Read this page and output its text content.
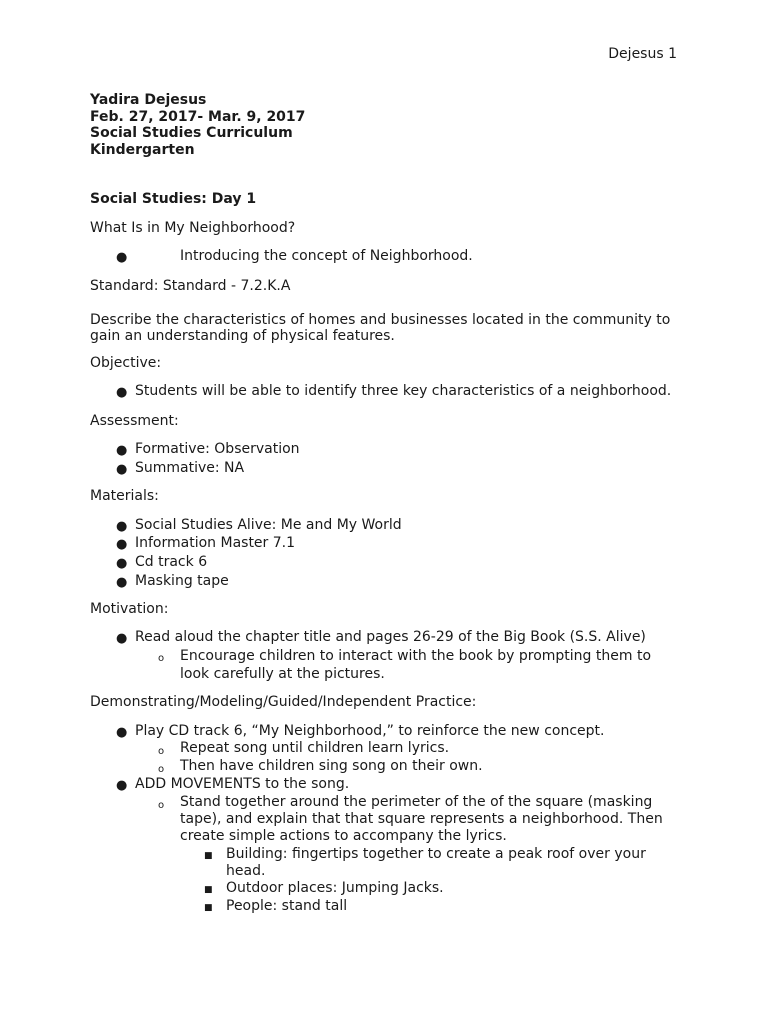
Dejesus 1
Yadira Dejesus
Feb. 27, 2017- Mar. 9, 2017
Social Studies Curriculum
Kindergarten
Social Studies: Day 1
What Is in My Neighborhood?
●	Introducing the concept of Neighborhood.
Standard: Standard - 7.2.K.A
Describe the characteristics of homes and businesses located in the community to
gain an understanding of physical features.
Objective:
● Students will be able to identify three key characteristics of a neighborhood.
Assessment:
● Formative: Observation
● Summative: NA
Materials:
● Social Studies Alive: Me and My World
● Information Master 7.1
● Cd track 6
● Masking tape
Motivation:
● Read aloud the chapter title and pages 26-29 of the Big Book (S.S. Alive)
o Encourage children to interact with the book by prompting them to
look carefully at the pictures.
Demonstrating/Modeling/Guided/Independent Practice:
● Play CD track 6, “My Neighborhood,” to reinforce the new concept.
o Repeat song until children learn lyrics.
o Then have children sing song on their own.
● ADD MOVEMENTS to the song.
o Stand together around the perimeter of the of the square (masking
tape), and explain that that square represents a neighborhood. Then
create simple actions to accompany the lyrics.
■ Building: fingertips together to create a peak roof over your
head.
■ Outdoor places: Jumping Jacks.
■ People: stand tall
